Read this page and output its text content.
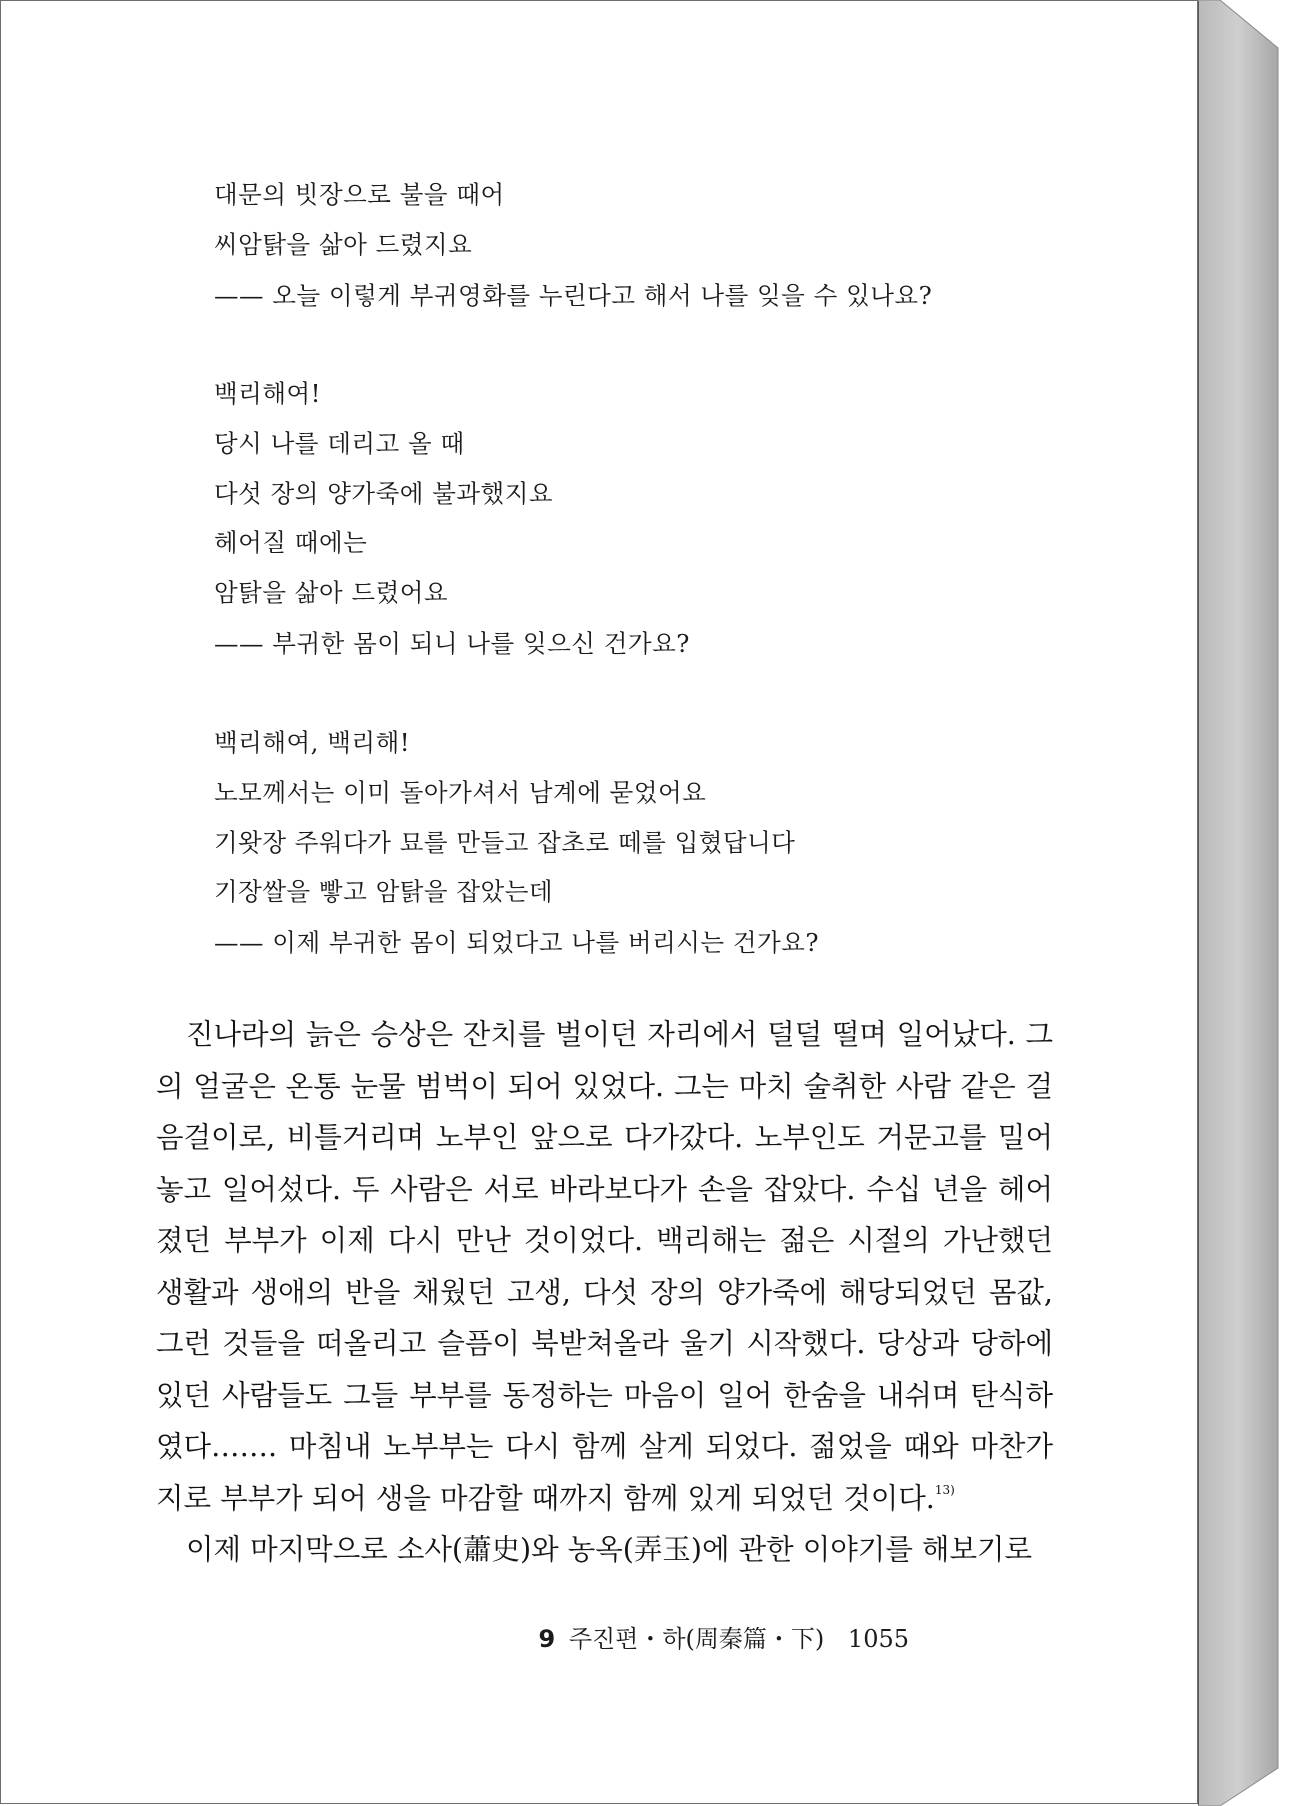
대문의 빗장으로 불을 때어
씨암탉을 삶아 드렸지요
—— 오늘 이렇게 부귀영화를 누린다고 해서 나를 잊을 수 있나요?
백리해여!
당시 나를 데리고 올 때
다섯 장의 양가죽에 불과했지요
헤어질 때에는
암탉을 삶아 드렸어요
—— 부귀한 몸이 되니 나를 잊으신 건가요?
백리해여, 백리해!
노모께서는 이미 돌아가셔서 남계에 묻었어요
기왓장 주워다가 묘를 만들고 잡초로 떼를 입혔답니다
기장쌀을 빻고 암탉을 잡았는데
—— 이제 부귀한 몸이 되었다고 나를 버리시는 건가요?

진나라의 늙은 승상은 잔치를 벌이던 자리에서 덜덜 떨며 일어났다. 그의 얼굴은 온통 눈물 범벅이 되어 있었다. 그는 마치 술취한 사람 같은 걸음걸이로, 비틀거리며 노부인 앞으로 다가갔다. 노부인도 거문고를 밀어놓고 일어섰다. 두 사람은 서로 바라보다가 손을 잡았다. 수십 년을 헤어졌던 부부가 이제 다시 만난 것이었다. 백리해는 젊은 시절의 가난했던 생활과 생애의 반을 채웠던 고생, 다섯 장의 양가죽에 해당되었던 몸값, 그런 것들을 떠올리고 슬픔이 북받쳐올라 울기 시작했다. 당상과 당하에 있던 사람들도 그들 부부를 동정하는 마음이 일어 한숨을 내쉬며 탄식하였다……. 마침내 노부부는 다시 함께 살게 되었다. 젊었을 때와 마찬가지로 부부가 되어 생을 마감할 때까지 함께 있게 되었던 것이다.$^{13)}$

이제 마지막으로 소사(蕭史)와 농옥(弄玉)에 관한 이야기를 해보기로

9 주진편・하(周秦篇・下) 1055
